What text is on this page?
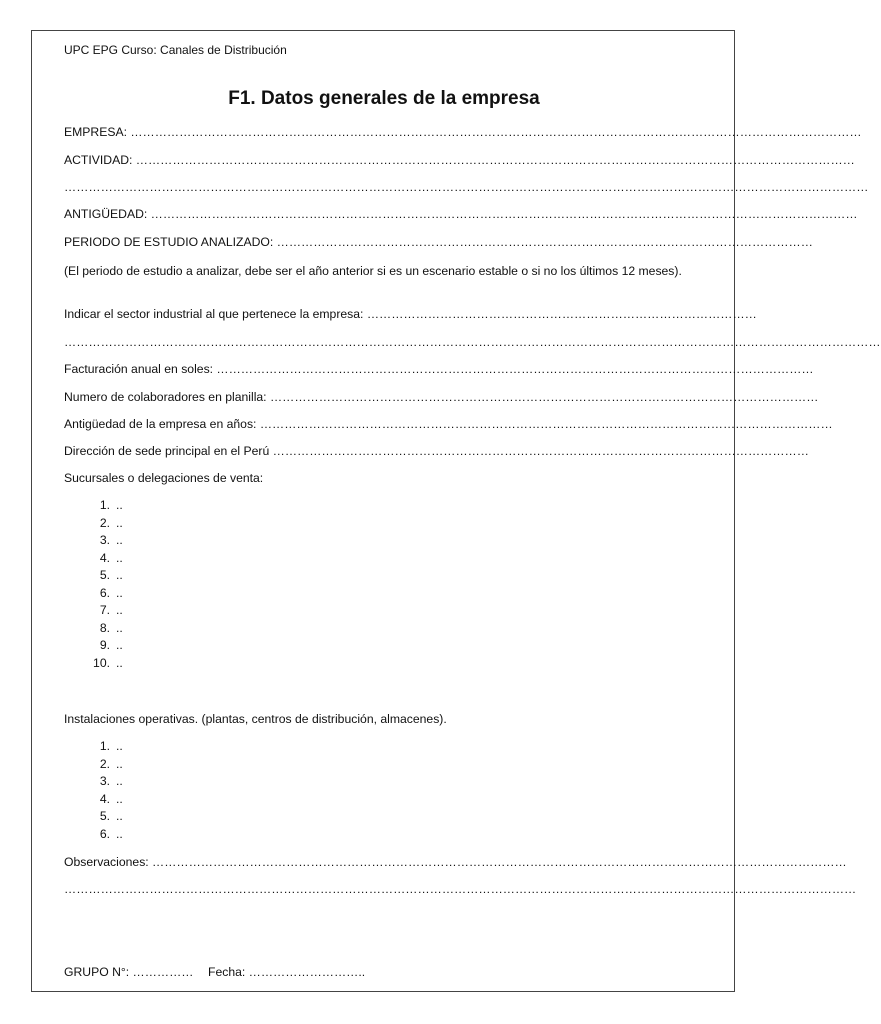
UPC EPG Curso: Canales de Distribución
F1. Datos generales de la empresa
EMPRESA: ………………………………………………………………………………………………………………………………………………………………
ACTIVIDAD: ……………………………………………………………………………………………………………………………………………………………
………………………………………………………………………………………………………………………………………………………………………………
ANTIGÜEDAD: …………………………………………………………………………………………………………………………………………………………
PERIODO DE ESTUDIO ANALIZADO: ……………………………………………………………………………………………………………………
(El periodo de estudio a analizar, debe ser el año anterior si es un escenario estable o si no los últimos 12 meses).
Indicar el sector industrial al que pertenece la empresa: ……………………………………………………………………………………
…………………………………………………………………………………………………………………………………………………………………………………
Facturación anual en soles: …………………………………………………………………………………………………………………………………
Numero de colaboradores en planilla: ………………………………………………………………………………………………………………………
Antigüedad de la empresa en años: ……………………………………………………………………………………………………………………………
Dirección de sede principal en el Perú ……………………………………………………………………………………………………………………
Sucursales o delegaciones de venta:
1. ..
2. ..
3. ..
4. ..
5. ..
6. ..
7. ..
8. ..
9. ..
10. ..
Instalaciones operativas. (plantas, centros de distribución, almacenes).
1. ..
2. ..
3. ..
4. ..
5. ..
6. ..
Observaciones: ………………………………………………………………………………………………………………………………………………………
……………………………………………………………………………………………………………………………………………………………………………
GRUPO N°: …………… Fecha: ………………………..
